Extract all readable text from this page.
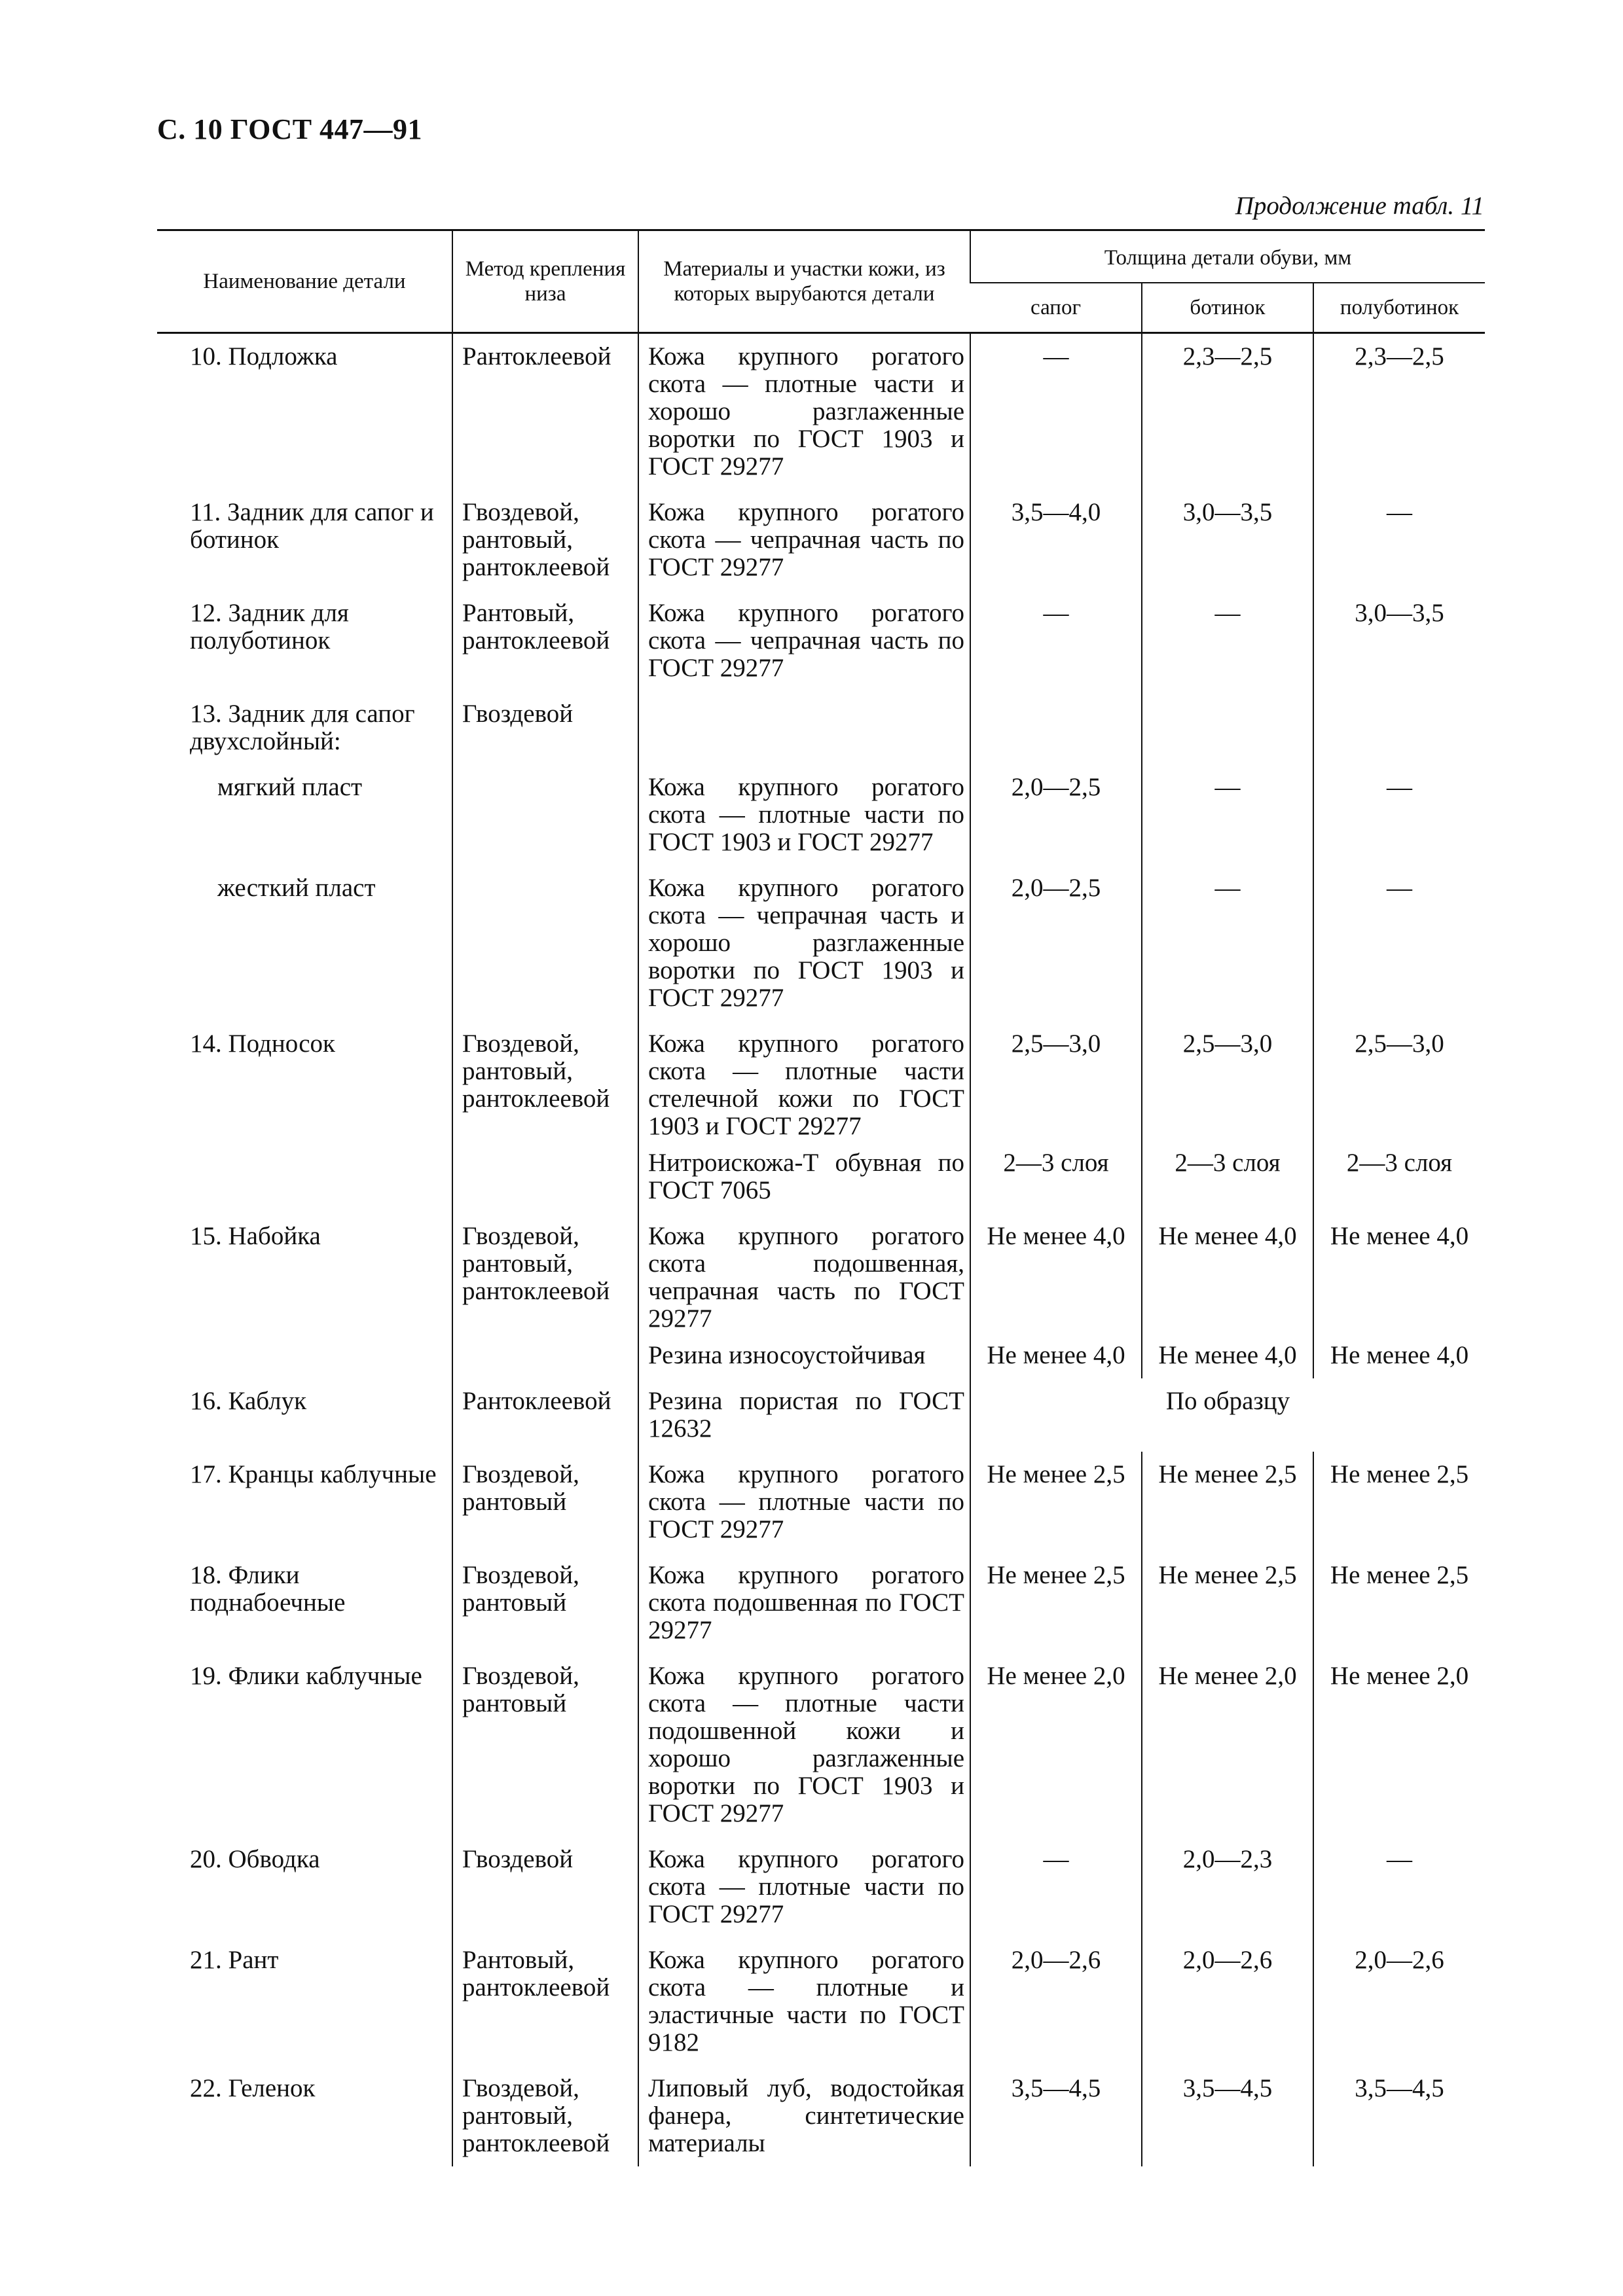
С. 10 ГОСТ 447—91
Продолжение табл. 11
Наименование детали	Метод крепления низа	Материалы и участки кожи, из которых вырубаются детали	Толщина детали обуви, мм		
			сапог	ботинок	полуботинок
10. Подложка	Рантоклеевой	Кожа крупного рогатого скота — плотные части и хорошо разглаженные воротки по ГОСТ 1903 и ГОСТ 29277	—	2,3—2,5	2,3—2,5
11. Задник для сапог и ботинок	Гвоздевой, рантовый, рантоклеевой	Кожа крупного рогатого скота — чепрачная часть по ГОСТ 29277	3,5—4,0	3,0—3,5	—
12. Задник для полуботинок	Рантовый, рантоклеевой	Кожа крупного рогатого скота — чепрачная часть по ГОСТ 29277	—	—	3,0—3,5
13. Задник для сапог двухслойный:	Гвоздевой				
мягкий пласт		Кожа крупного рогатого скота — плотные части по ГОСТ 1903 и ГОСТ 29277	2,0—2,5	—	—
жесткий пласт		Кожа крупного рогатого скота — чепрачная часть и хорошо разглаженные воротки по ГОСТ 1903 и ГОСТ 29277	2,0—2,5	—	—
14. Подносок	Гвоздевой, рантовый, рантоклеевой	Кожа крупного рогатого скота — плотные части стелечной кожи по ГОСТ 1903 и ГОСТ 29277	2,5—3,0	2,5—3,0	2,5—3,0
		Нитроискожа-Т обувная по ГОСТ 7065	2—3 слоя	2—3 слоя	2—3 слоя
15. Набойка	Гвоздевой, рантовый, рантоклеевой	Кожа крупного рогатого скота подошвенная, чепрачная часть по ГОСТ 29277	Не менее 4,0	Не менее 4,0	Не менее 4,0
		Резина износоустойчивая	Не менее 4,0	Не менее 4,0	Не менее 4,0
16. Каблук	Рантоклеевой	Резина пористая по ГОСТ 12632	По образцу		
17. Кранцы каблучные	Гвоздевой, рантовый	Кожа крупного рогатого скота — плотные части по ГОСТ 29277	Не менее 2,5	Не менее 2,5	Не менее 2,5
18. Флики поднабоечные	Гвоздевой, рантовый	Кожа крупного рогатого скота подошвенная по ГОСТ 29277	Не менее 2,5	Не менее 2,5	Не менее 2,5
19. Флики каблучные	Гвоздевой, рантовый	Кожа крупного рогатого скота — плотные части подошвенной кожи и хорошо разглаженные воротки по ГОСТ 1903 и ГОСТ 29277	Не менее 2,0	Не менее 2,0	Не менее 2,0
20. Обводка	Гвоздевой	Кожа крупного рогатого скота — плотные части по ГОСТ 29277	—	2,0—2,3	—
21. Рант	Рантовый, рантоклеевой	Кожа крупного рогатого скота — плотные и эластичные части по ГОСТ 9182	2,0—2,6	2,0—2,6	2,0—2,6
22. Геленок	Гвоздевой, рантовый, рантоклеевой	Липовый луб, водостойкая фанера, синтетические материалы	3,5—4,5	3,5—4,5	3,5—4,5
